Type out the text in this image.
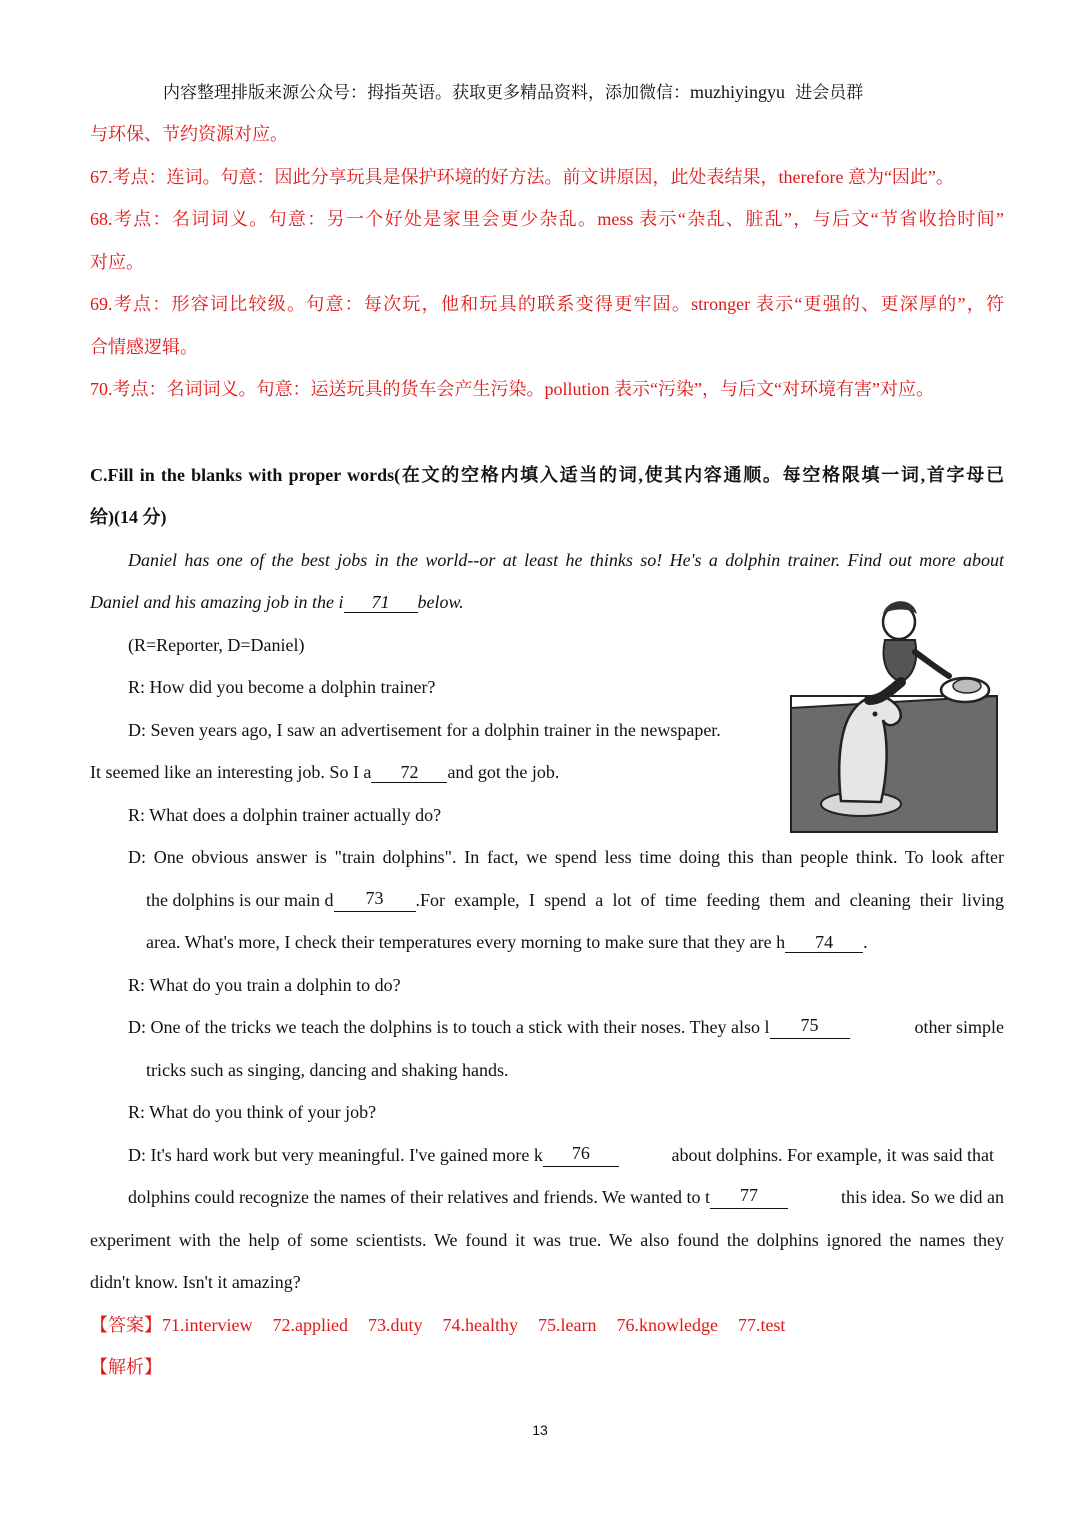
内容整理排版来源公众号：拇指英语。获取更多精品资料，添加微信：muzhiyingyu 进会员群
与环保、节约资源对应。
67.考点：连词。句意：因此分享玩具是保护环境的好方法。前文讲原因，此处表结果，therefore 意为“因此”。
68.考点：名词词义。句意：另一个好处是家里会更少杂乱。mess 表示“杂乱、脏乱”，与后文“节省收拾时间”
对应。
69.考点：形容词比较级。句意：每次玩，他和玩具的联系变得更牢固。stronger 表示“更强的、更深厚的”，符
合情感逻辑。
70.考点：名词词义。句意：运送玩具的货车会产生污染。pollution 表示“污染”，与后文“对环境有害”对应。
C.Fill in the blanks with proper words(在文的空格内填入适当的词,使其内容通顺。每空格限填一词,首字母已
给)(14 分)
Daniel has one of the best jobs in the world--or at least he thinks so! He's a dolphin trainer. Find out more about
Daniel and his amazing job in the i 71 below.
(R=Reporter, D=Daniel)
R: How did you become a dolphin trainer?
D: Seven years ago, I saw an advertisement for a dolphin trainer in the newspaper.
It seemed like an interesting job. So I a 72 and got the job.
R: What does a dolphin trainer actually do?
D: One obvious answer is "train dolphins". In fact, we spend less time doing this than people think. To look after
the dolphins is our main d	73	.For example, I spend a lot of time feeding them and cleaning their living
area. What's more, I check their temperatures every morning to make sure that they are h 74 .
R: What do you train a dolphin to do?
D: One of the tricks we teach the dolphins is to touch a stick with their noses. They also l	75	other simple
tricks such as singing, dancing and shaking hands.
R: What do you think of your job?
D: It's hard work but very meaningful. I've gained more k	76	about dolphins. For example, it was said that
dolphins could recognize the names of their relatives and friends. We wanted to t	77	this idea. So we did an
experiment with the help of some scientists. We found it was true. We also found the dolphins ignored the names they
didn't know. Isn't it amazing?
【答案】71.interview 72.applied 73.duty 74.healthy 75.learn 76.knowledge 77.test
【解析】
13
